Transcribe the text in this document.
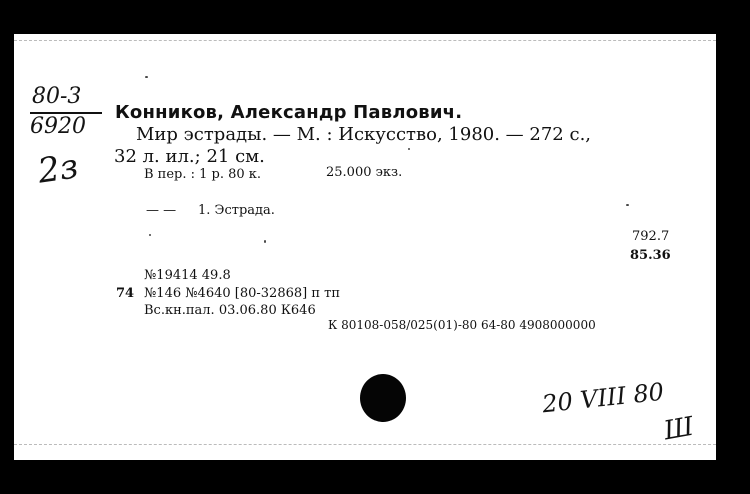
80-3
6920
2з
Конников, Александр Павлович.
Мир эстрады. — М. : Искусство, 1980. — 272 с.,
32 л. ил.; 21 см.
В пер. : 1 р. 80 к.	25.000 экз.
— — 1. Эстрада.
792.7
85.36
№19414 49.8
74 №146 №4640 [80-32868] п тп
Вс.кн.пал. 03.06.80 К646
К 80108-058/025(01)-80 64-80 4908000000
20 VIII 80
Ш
